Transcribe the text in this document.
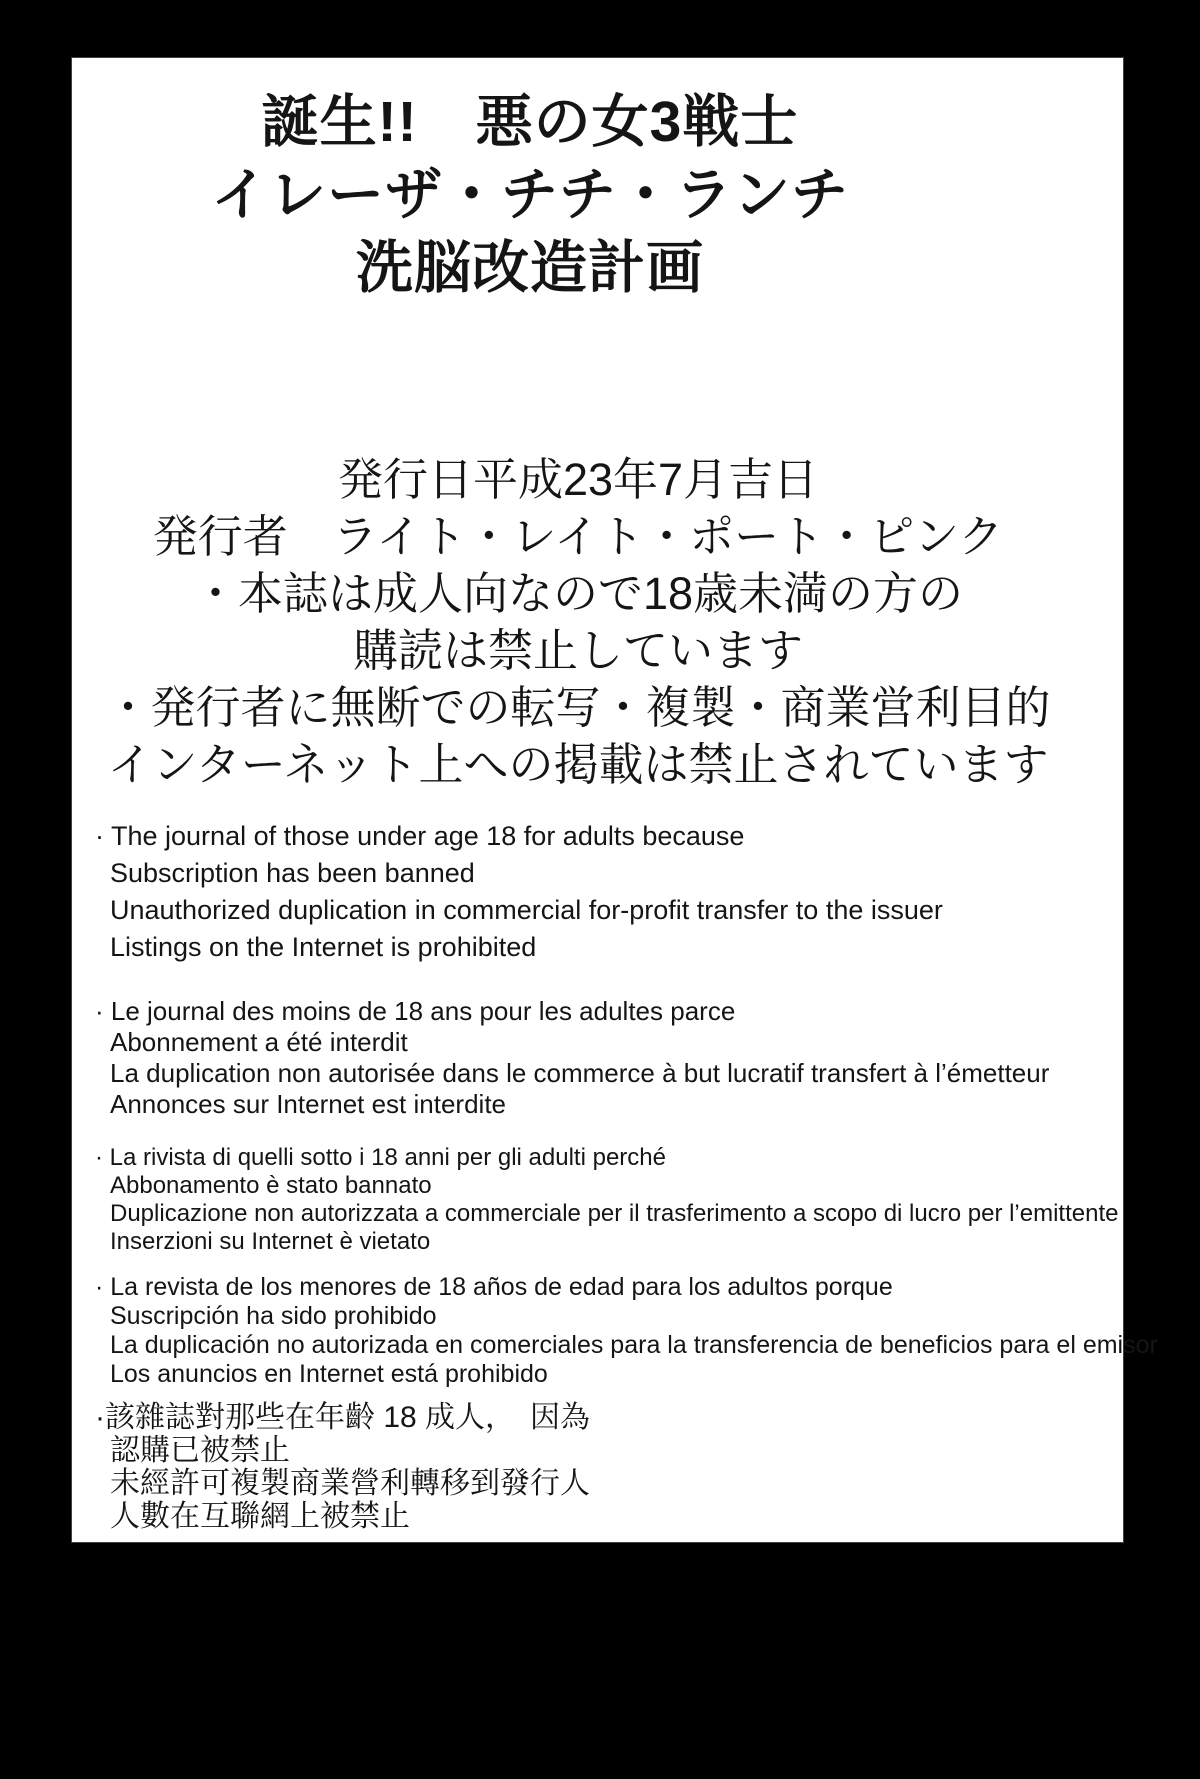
誕生!!　悪の女3戦士
イレーザ・チチ・ランチ
洗脳改造計画
発行日平成23年7月吉日
発行者　ライト・レイト・ポート・ピンク
・本誌は成人向なので18歳未満の方の
購読は禁止しています
・発行者に無断での転写・複製・商業営利目的
インターネット上への掲載は禁止されています
· The journal of those under age 18 for adults because
Subscription has been banned
Unauthorized duplication in commercial for-profit transfer to the issuer
Listings on the Internet is prohibited
· Le journal des moins de 18 ans pour les adultes parce
Abonnement a été interdit
La duplication non autorisée dans le commerce à but lucratif transfert à l’émetteur
Annonces sur Internet est interdite
· La rivista di quelli sotto i 18 anni per gli adulti perché
Abbonamento è stato bannato
Duplicazione non autorizzata a commerciale per il trasferimento a scopo di lucro per l’emittente
Inserzioni su Internet è vietato
· La revista de los menores de 18 años de edad para los adultos porque
Suscripción ha sido prohibido
La duplicación no autorizada en comerciales para la transferencia de beneficios para el emisor
Los anuncios en Internet está prohibido
·該雜誌對那些在年齡 18 成人，　因為
認購已被禁止
未經許可複製商業營利轉移到發行人
人數在互聯網上被禁止
